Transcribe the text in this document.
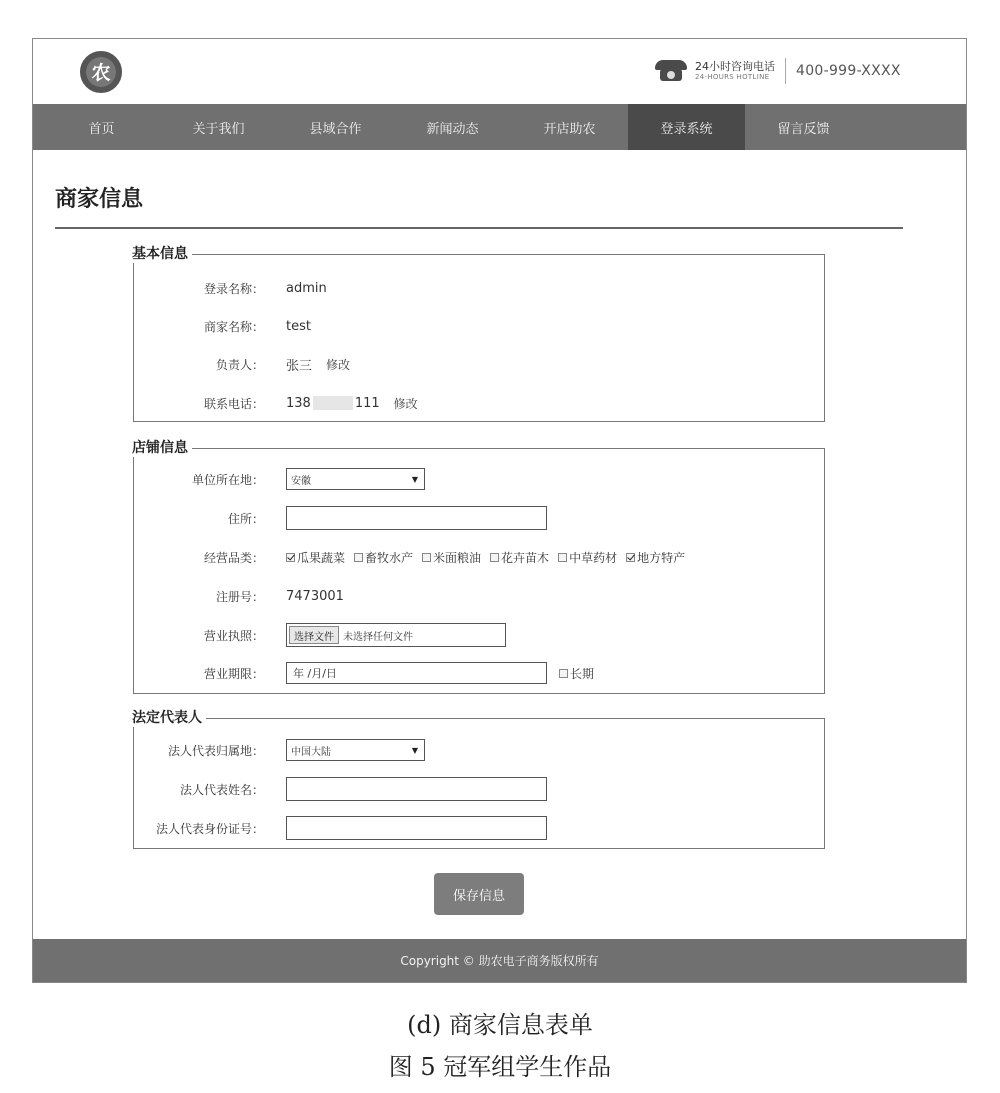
农	24小时咨询电话
24-HOURS HOTLINE	400-999-XXXX
首页	关于我们	县域合作	新闻动态	开店助农	登录系统	留言反馈
商家信息
基本信息
登录名称： admin
商家名称： test
负责人： 张三 修改
联系电话： 138	111 修改
店铺信息
单位所在地：	安徽	▼
住所：
经营品类：	瓜果蔬菜 畜牧水产 米面粮油 花卉苗木 中草药材 地方特产
注册号： 7473001
营业执照：	选择文件 未选择任何文件
营业期限：	年 /月/日	长期
法定代表人
法人代表归属地：	中国大陆	▼
法人代表姓名：
法人代表身份证号：
保存信息
Copyright © 助农电子商务版权所有
(d) 商家信息表单
图 5 冠军组学生作品
